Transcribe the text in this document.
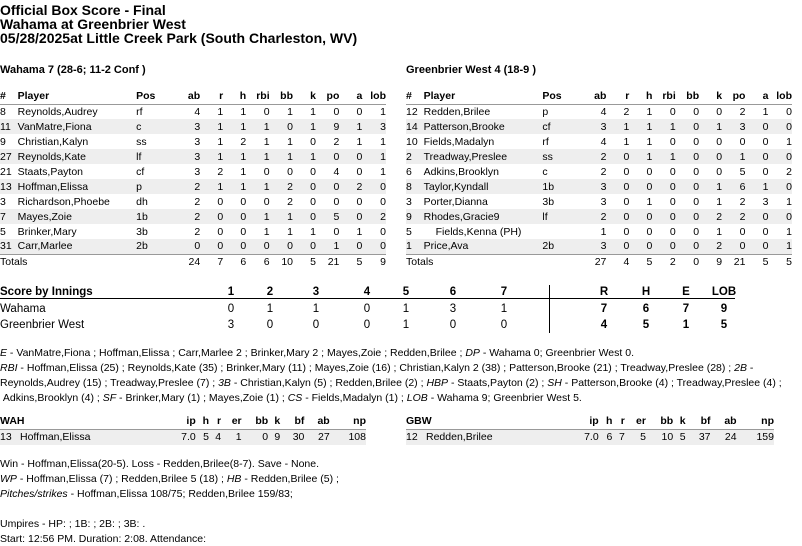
Official Box Score - Final
Wahama at Greenbrier West
05/28/2025at Little Creek Park (South Charleston, WV)
Wahama 7 (28-6; 11-2 Conf )	Greenbrier West 4 (18-9 )
#	Player	Pos	ab	r	h	rbi	bb	k	po	a	lob
8	Reynolds,Audrey	rf	4	1	1	0	1	1	0	0	1
11	VanMatre,Fiona	c	3	1	1	1	0	1	9	1	3
9	Christian,Kalyn	ss	3	1	2	1	1	0	2	1	1
27	Reynolds,Kate	lf	3	1	1	1	1	1	0	0	1
21	Staats,Payton	cf	3	2	1	0	0	0	4	0	1
13	Hoffman,Elissa	p	2	1	1	1	2	0	0	2	0
3	Richardson,Phoebe	dh	2	0	0	0	2	0	0	0	0
7	Mayes,Zoie	1b	2	0	0	1	1	0	5	0	2
5	Brinker,Mary	3b	2	0	0	1	1	1	0	1	0
31	Carr,Marlee	2b	0	0	0	0	0	0	1	0	0
Totals			24	7	6	6	10	5	21	5	9
#	Player	Pos	ab	r	h	rbi	bb	k	po	a	lob
12	Redden,Brilee	p	4	2	1	0	0	0	2	1	0
14	Patterson,Brooke	cf	3	1	1	1	0	1	3	0	0
10	Fields,Madalyn	rf	4	1	1	0	0	0	0	0	1
2	Treadway,Preslee	ss	2	0	1	1	0	0	1	0	0
6	Adkins,Brooklyn	c	2	0	0	0	0	0	5	0	2
8	Taylor,Kyndall	1b	3	0	0	0	0	1	6	1	0
3	Porter,Dianna	3b	3	0	1	0	0	1	2	3	1
9	Rhodes,Gracie9	lf	2	0	0	0	0	2	2	0	0
5	Fields,Kenna (PH)		1	0	0	0	0	1	0	0	1
1	Price,Ava	2b	3	0	0	0	0	2	0	0	1
Totals			27	4	5	2	0	9	21	5	5
Score by Innings	1	2	3	4	5	6	7	R	H	E	LOB
Wahama	0	1	1	0	1	3	1	7	6	7	9
Greenbrier West	3	0	0	0	1	0	0	4	5	1	5
E - VanMatre,Fiona ; Hoffman,Elissa ; Carr,Marlee 2 ; Brinker,Mary 2 ; Mayes,Zoie ; Redden,Brilee ; DP - Wahama 0; Greenbrier West 0.
RBI - Hoffman,Elissa (25) ; Reynolds,Kate (35) ; Brinker,Mary (11) ; Mayes,Zoie (16) ; Christian,Kalyn 2 (38) ; Patterson,Brooke (21) ; Treadway,Preslee (28) ; 2B -
Reynolds,Audrey (15) ; Treadway,Preslee (7) ; 3B - Christian,Kalyn (5) ; Redden,Brilee (2) ; HBP - Staats,Payton (2) ; SH - Patterson,Brooke (4) ; Treadway,Preslee (4) ;
Adkins,Brooklyn (4) ; SF - Brinker,Mary (1) ; Mayes,Zoie (1) ; CS - Fields,Madalyn (1) ; LOB - Wahama 9; Greenbrier West 5.
WAH		ip	h	r	er	bb	k	bf	ab	np
13	Hoffman,Elissa	7.0	5	4	1	0	9	30	27	108
GBW		ip	h	r	er	bb	k	bf	ab	np
12	Redden,Brilee	7.0	6	7	5	10	5	37	24	159
Win - Hoffman,Elissa(20-5). Loss - Redden,Brilee(8-7). Save - None.
WP - Hoffman,Elissa (7) ; Redden,Brilee 5 (18) ; HB - Redden,Brilee (5) ;
Pitches/strikes - Hoffman,Elissa 108/75; Redden,Brilee 159/83;
Umpires - HP: ; 1B: ; 2B: ; 3B: .
Start: 12:56 PM. Duration: 2:08. Attendance:
